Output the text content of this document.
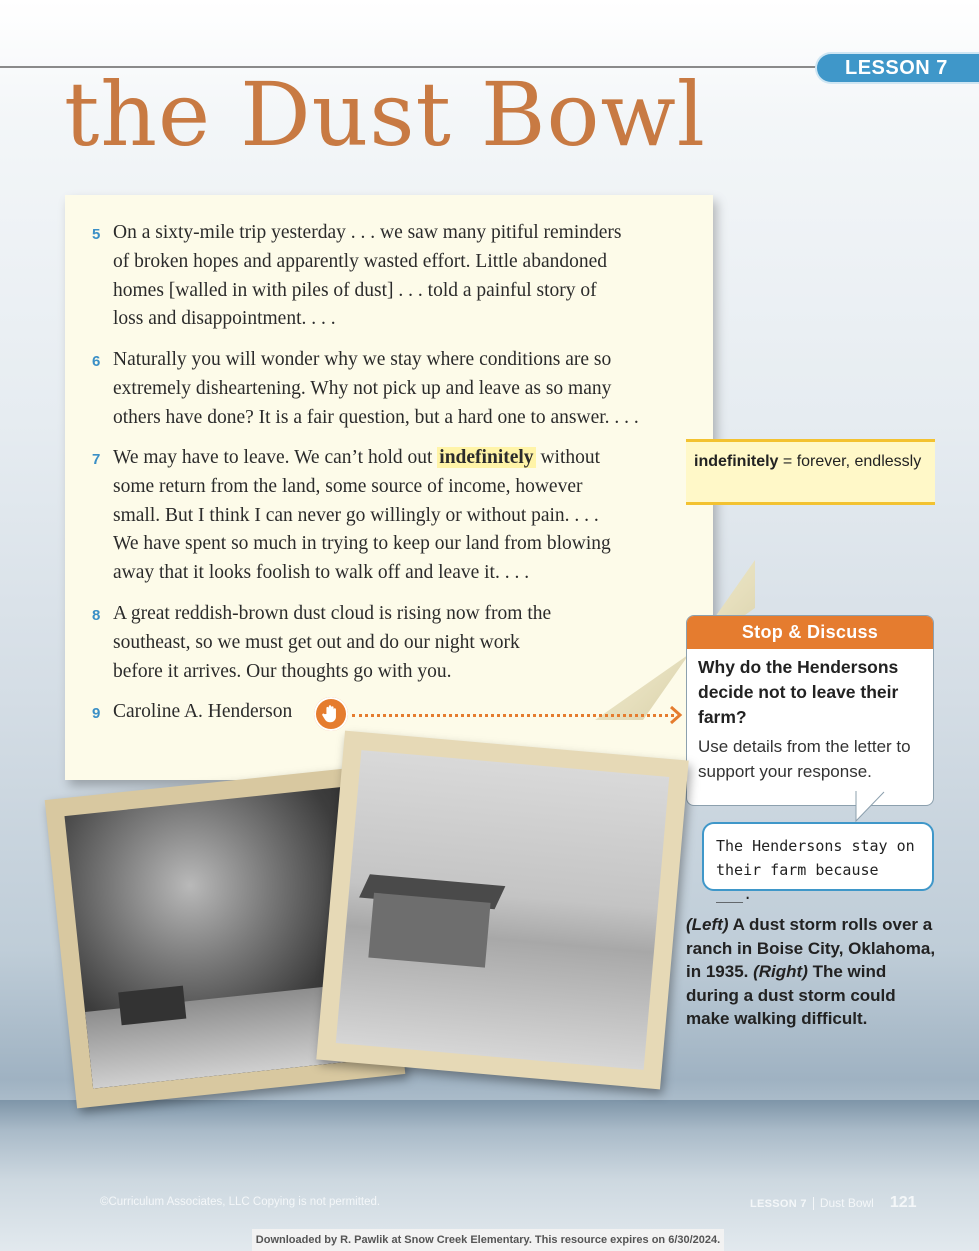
LESSON 7
the Dust Bowl
5 On a sixty-mile trip yesterday . . . we saw many pitiful reminders
of broken hopes and apparently wasted effort. Little abandoned
homes [walled in with piles of dust] . . . told a painful story of
loss and disappointment. . . .
6 Naturally you will wonder why we stay where conditions are so
extremely disheartening. Why not pick up and leave as so many
others have done? It is a fair question, but a hard one to answer. . . .
7 We may have to leave. We can’t hold out indefinitely without
some return from the land, some source of income, however
small. But I think I can never go willingly or without pain. . . .
We have spent so much in trying to keep our land from blowing
away that it looks foolish to walk off and leave it. . . .
8 A great reddish-brown dust cloud is rising now from the
southeast, so we must get out and do our night work
before it arrives. Our thoughts go with you.
9 Caroline A. Henderson
indefinitely = forever, endlessly
Stop & Discuss
Why do the Hendersons decide not to leave their farm?
Use details from the letter to support your response.
The Hendersons stay on their farm because ___.
(Left) A dust storm rolls over a ranch in Boise City, Oklahoma, in 1935. (Right) The wind during a dust storm could make walking difficult.
©Curriculum Associates, LLC Copying is not permitted.	LESSON 7 Dust Bowl 121
Downloaded by R. Pawlik at Snow Creek Elementary. This resource expires on 6/30/2024.
